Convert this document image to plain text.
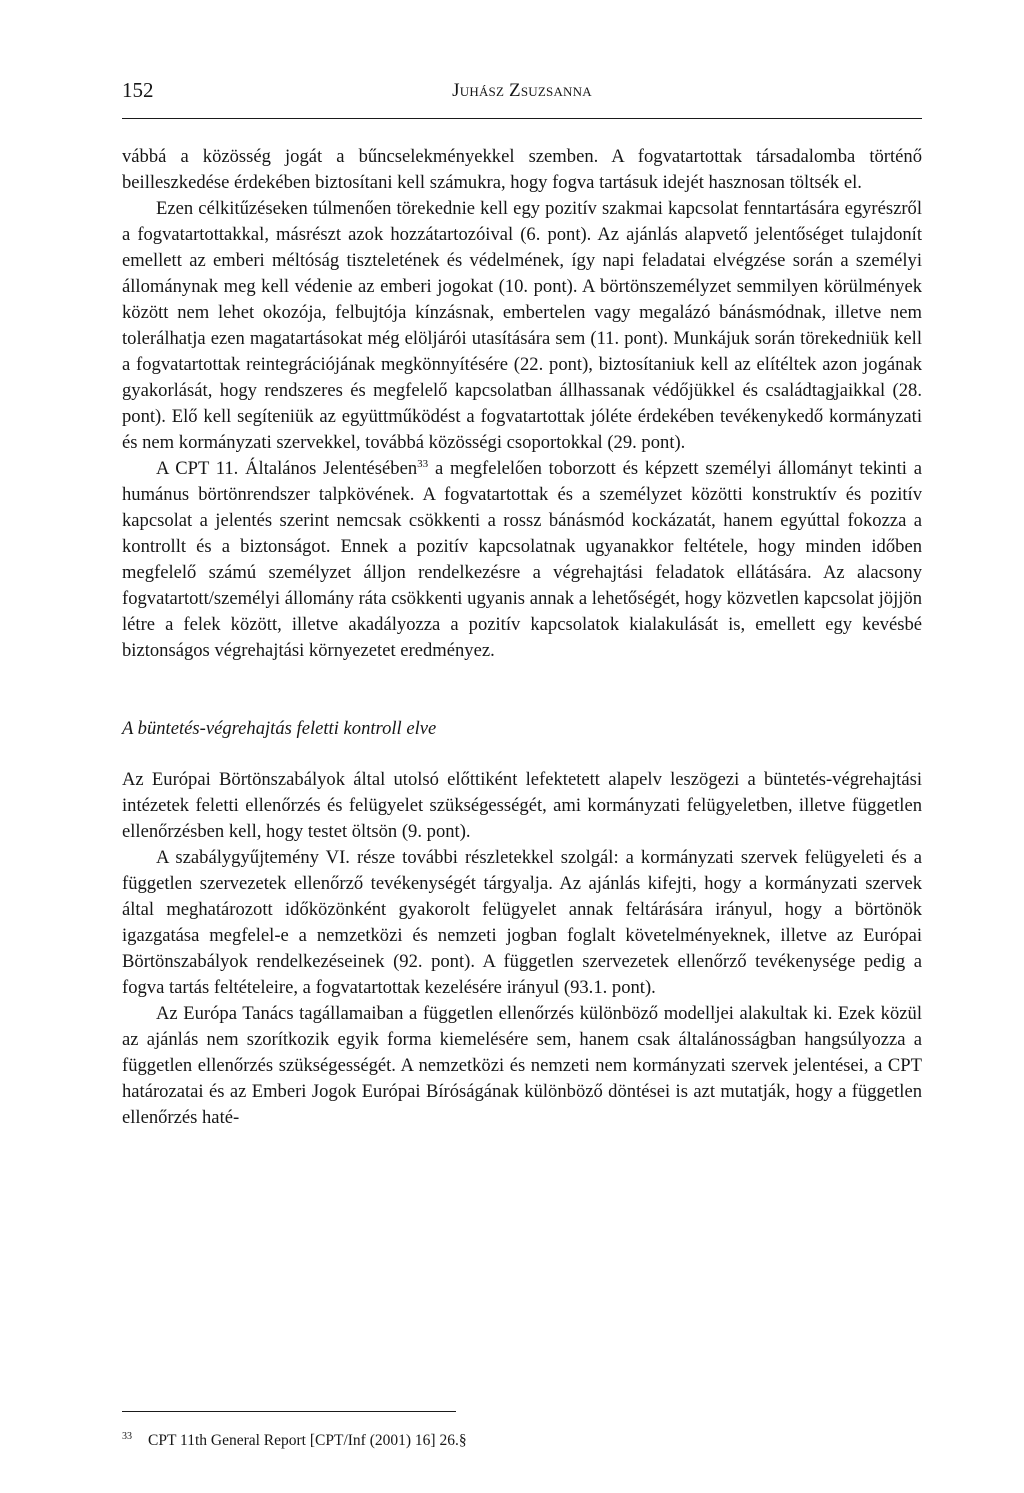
152	Juhász Zsuzsanna

vábbá a közösség jogát a bűncselekményekkel szemben. A fogvatartottak társadalomba történő beilleszkedése érdekében biztosítani kell számukra, hogy fogva tartásuk idejét hasznosan töltsék el.

Ezen célkitűzéseken túlmenően törekednie kell egy pozitív szakmai kapcsolat fenntartására egyrészről a fogvatartottakkal, másrészt azok hozzátartozóival (6. pont). Az ajánlás alapvető jelentőséget tulajdonít emellett az emberi méltóság tiszteletének és védelmének, így napi feladatai elvégzése során a személyi állománynak meg kell védenie az emberi jogokat (10. pont). A börtönszemélyzet semmilyen körülmények között nem lehet okozója, felbujtója kínzásnak, embertelen vagy megalázó bánásmódnak, illetve nem tolerálhatja ezen magatartásokat még elöljárói utasítására sem (11. pont). Munkájuk során törekedniük kell a fogvatartottak reintegrációjának megkönnyítésére (22. pont), biztosítaniuk kell az elítéltek azon jogának gyakorlását, hogy rendszeres és megfelelő kapcsolatban állhassanak védőjükkel és családtagjaikkal (28. pont). Elő kell segíteniük az együttműködést a fogvatartottak jóléte érdekében tevékenykedő kormányzati és nem kormányzati szervekkel, továbbá közösségi csoportokkal (29. pont).

A CPT 11. Általános Jelentésében$^{33}$ a megfelelően toborzott és képzett személyi állományt tekinti a humánus börtönrendszer talpkövének. A fogvatartottak és a személyzet közötti konstruktív és pozitív kapcsolat a jelentés szerint nemcsak csökkenti a rossz bánásmód kockázatát, hanem egyúttal fokozza a kontrollt és a biztonságot. Ennek a pozitív kapcsolatnak ugyanakkor feltétele, hogy minden időben megfelelő számú személyzet álljon rendelkezésre a végrehajtási feladatok ellátására. Az alacsony fogvatartott/személyi állomány ráta csökkenti ugyanis annak a lehetőségét, hogy közvetlen kapcsolat jöjjön létre a felek között, illetve akadályozza a pozitív kapcsolatok kialakulását is, emellett egy kevésbé biztonságos végrehajtási környezetet eredményez.

A büntetés-végrehajtás feletti kontroll elve

Az Európai Börtönszabályok által utolsó előttiként lefektetett alapelv leszögezi a büntetés-végrehajtási intézetek feletti ellenőrzés és felügyelet szükségességét, ami kormányzati felügyeletben, illetve független ellenőrzésben kell, hogy testet öltsön (9. pont).

A szabálygyűjtemény VI. része további részletekkel szolgál: a kormányzati szervek felügyeleti és a független szervezetek ellenőrző tevékenységét tárgyalja. Az ajánlás kifejti, hogy a kormányzati szervek által meghatározott időközönként gyakorolt felügyelet annak feltárására irányul, hogy a börtönök igazgatása megfelel-e a nemzetközi és nemzeti jogban foglalt követelményeknek, illetve az Európai Börtönszabályok rendelkezéseinek (92. pont). A független szervezetek ellenőrző tevékenysége pedig a fogva tartás feltételeire, a fogvatartottak kezelésére irányul (93.1. pont).

Az Európa Tanács tagállamaiban a független ellenőrzés különböző modelljei alakultak ki. Ezek közül az ajánlás nem szorítkozik egyik forma kiemelésére sem, hanem csak általánosságban hangsúlyozza a független ellenőrzés szükségességét. A nemzetközi és nemzeti nem kormányzati szervek jelentései, a CPT határozatai és az Emberi Jogok Európai Bíróságának különböző döntései is azt mutatják, hogy a független ellenőrzés haté-

33 CPT 11th General Report [CPT/Inf (2001) 16] 26.§
